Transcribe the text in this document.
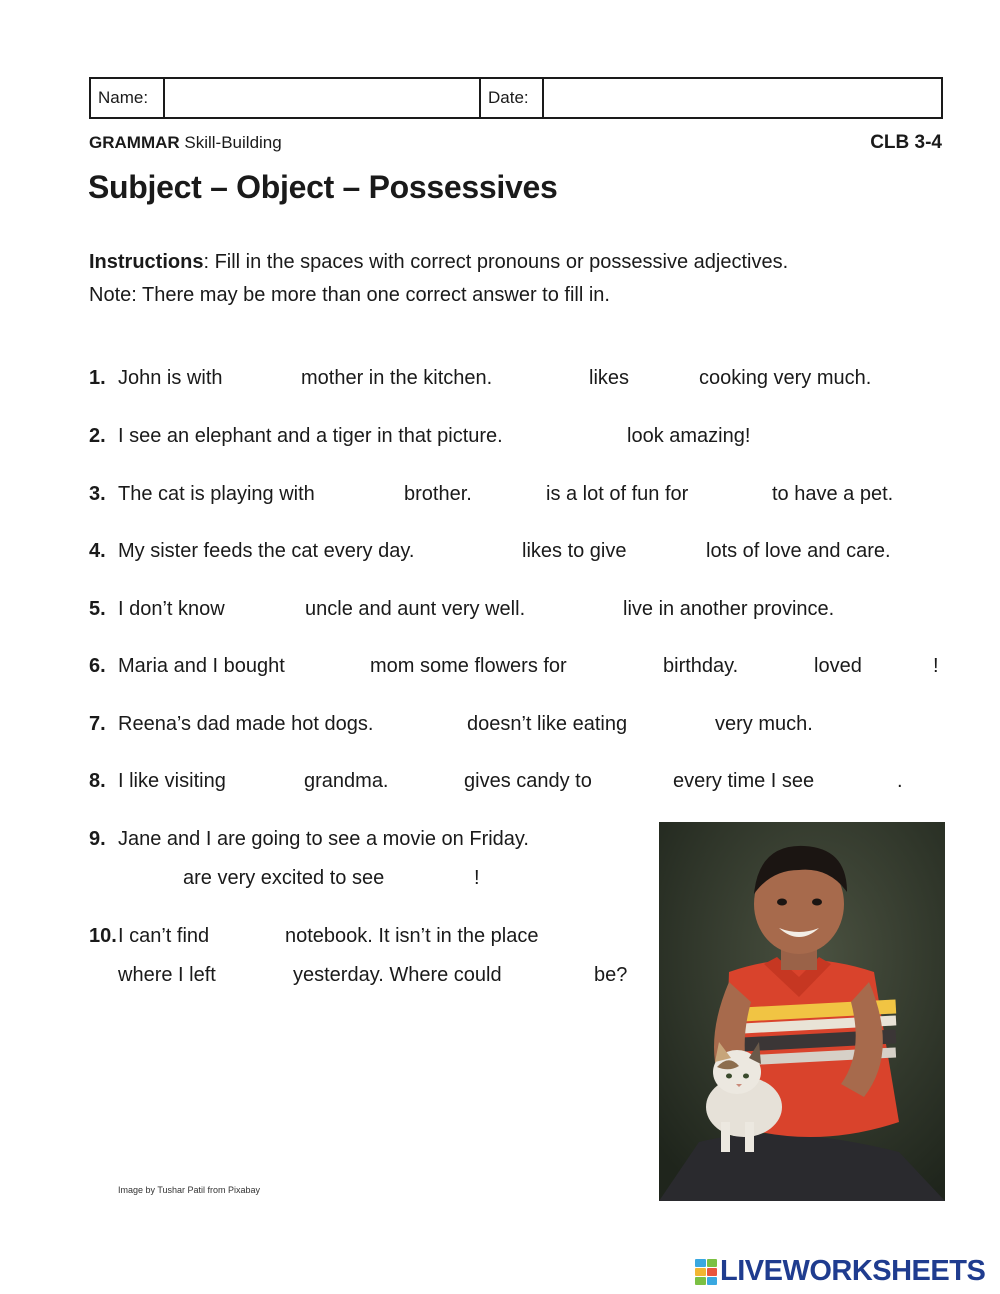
Name:	Date:
GRAMMAR Skill-Building	CLB 3-4
Subject – Object – Possessives
Instructions: Fill in the spaces with correct pronouns or possessive adjectives.
Note: There may be more than one correct answer to fill in.
1. John is with	mother in the kitchen.	likes	cooking very much.
2. I see an elephant and a tiger in that picture.	look amazing!
3. The cat is playing with	brother.	is a lot of fun for	to have a pet.
4. My sister feeds the cat every day.	likes to give	lots of love and care.
5. I don’t know	uncle and aunt very well.	live in another province.
6. Maria and I bought	mom some flowers for	birthday.	loved	!
7. Reena’s dad made hot dogs.	doesn’t like eating	very much.
8. I like visiting	grandma.	gives candy to	every time I see	.
9. Jane and I are going to see a movie on Friday.
are very excited to see	!
10. I can’t find	notebook. It isn’t in the place
where I left	yesterday. Where could	be?
Image by Tushar Patil from Pixabay
LIVEWORKSHEETS
